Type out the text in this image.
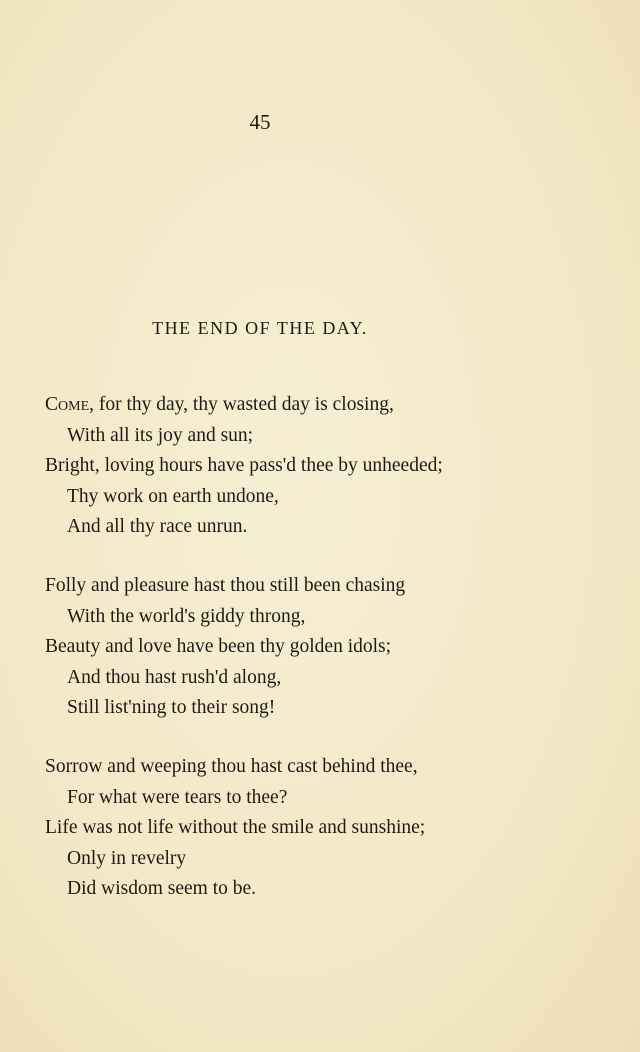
45
THE END OF THE DAY.
Come, for thy day, thy wasted day is closing,
With all its joy and sun;
Bright, loving hours have pass'd thee by unheeded;
Thy work on earth undone,
And all thy race unrun.
Folly and pleasure hast thou still been chasing
With the world's giddy throng,
Beauty and love have been thy golden idols;
And thou hast rush'd along,
Still list'ning to their song!
Sorrow and weeping thou hast cast behind thee,
For what were tears to thee?
Life was not life without the smile and sunshine;
Only in revelry
Did wisdom seem to be.
